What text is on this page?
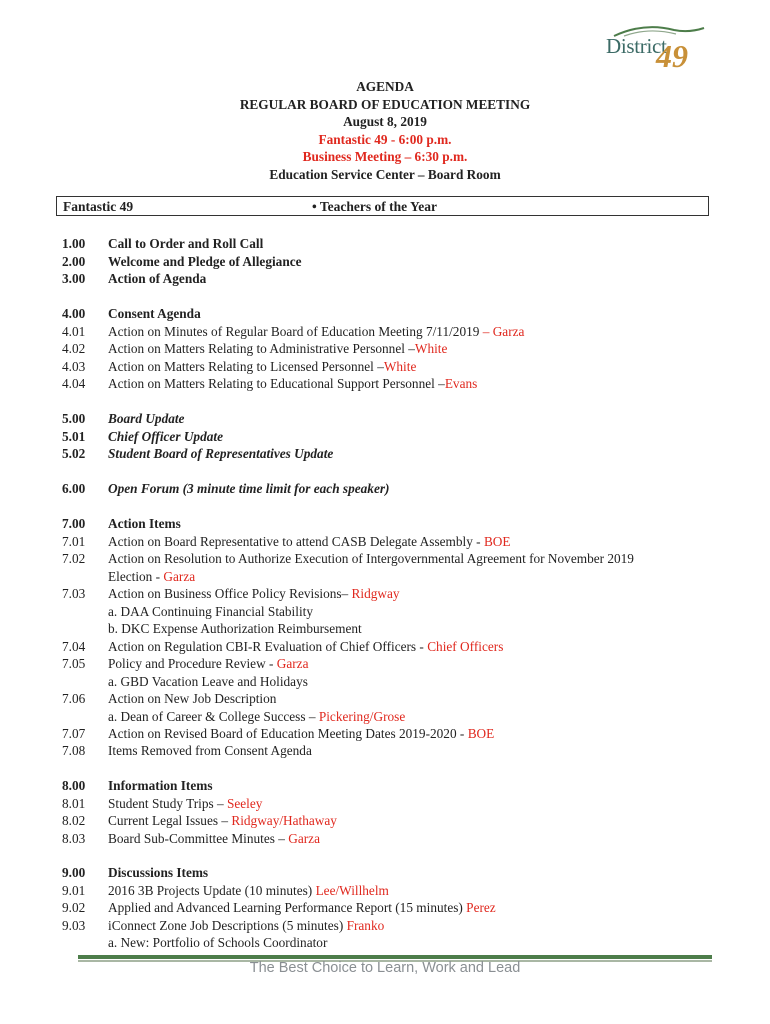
District
49
AGENDA
REGULAR BOARD OF EDUCATION MEETING
August 8, 2019
Fantastic 49 - 6:00 p.m.
Business Meeting – 6:30 p.m.
Education Service Center – Board Room
Fantastic 49	• Teachers of the Year
1.00 Call to Order and Roll Call
2.00 Welcome and Pledge of Allegiance
3.00 Action of Agenda
4.00 Consent Agenda
4.01 Action on Minutes of Regular Board of Education Meeting 7/11/2019 – Garza
4.02 Action on Matters Relating to Administrative Personnel –White
4.03 Action on Matters Relating to Licensed Personnel –White
4.04 Action on Matters Relating to Educational Support Personnel –Evans
5.00 Board Update
5.01 Chief Officer Update
5.02 Student Board of Representatives Update
6.00 Open Forum (3 minute time limit for each speaker)
7.00 Action Items
7.01 Action on Board Representative to attend CASB Delegate Assembly - BOE
7.02 Action on Resolution to Authorize Execution of Intergovernmental Agreement for November 2019
Election - Garza
7.03 Action on Business Office Policy Revisions– Ridgway
a. DAA Continuing Financial Stability
b. DKC Expense Authorization Reimbursement
7.04 Action on Regulation CBI-R Evaluation of Chief Officers - Chief Officers
7.05 Policy and Procedure Review - Garza
a. GBD Vacation Leave and Holidays
7.06 Action on New Job Description
a. Dean of Career & College Success – Pickering/Grose
7.07 Action on Revised Board of Education Meeting Dates 2019-2020 - BOE
7.08 Items Removed from Consent Agenda
8.00 Information Items
8.01 Student Study Trips – Seeley
8.02 Current Legal Issues – Ridgway/Hathaway
8.03 Board Sub-Committee Minutes – Garza
9.00 Discussions Items
9.01 2016 3B Projects Update (10 minutes) Lee/Willhelm
9.02 Applied and Advanced Learning Performance Report (15 minutes) Perez
9.03 iConnect Zone Job Descriptions (5 minutes) Franko
a. New: Portfolio of Schools Coordinator
The Best Choice to Learn, Work and Lead
